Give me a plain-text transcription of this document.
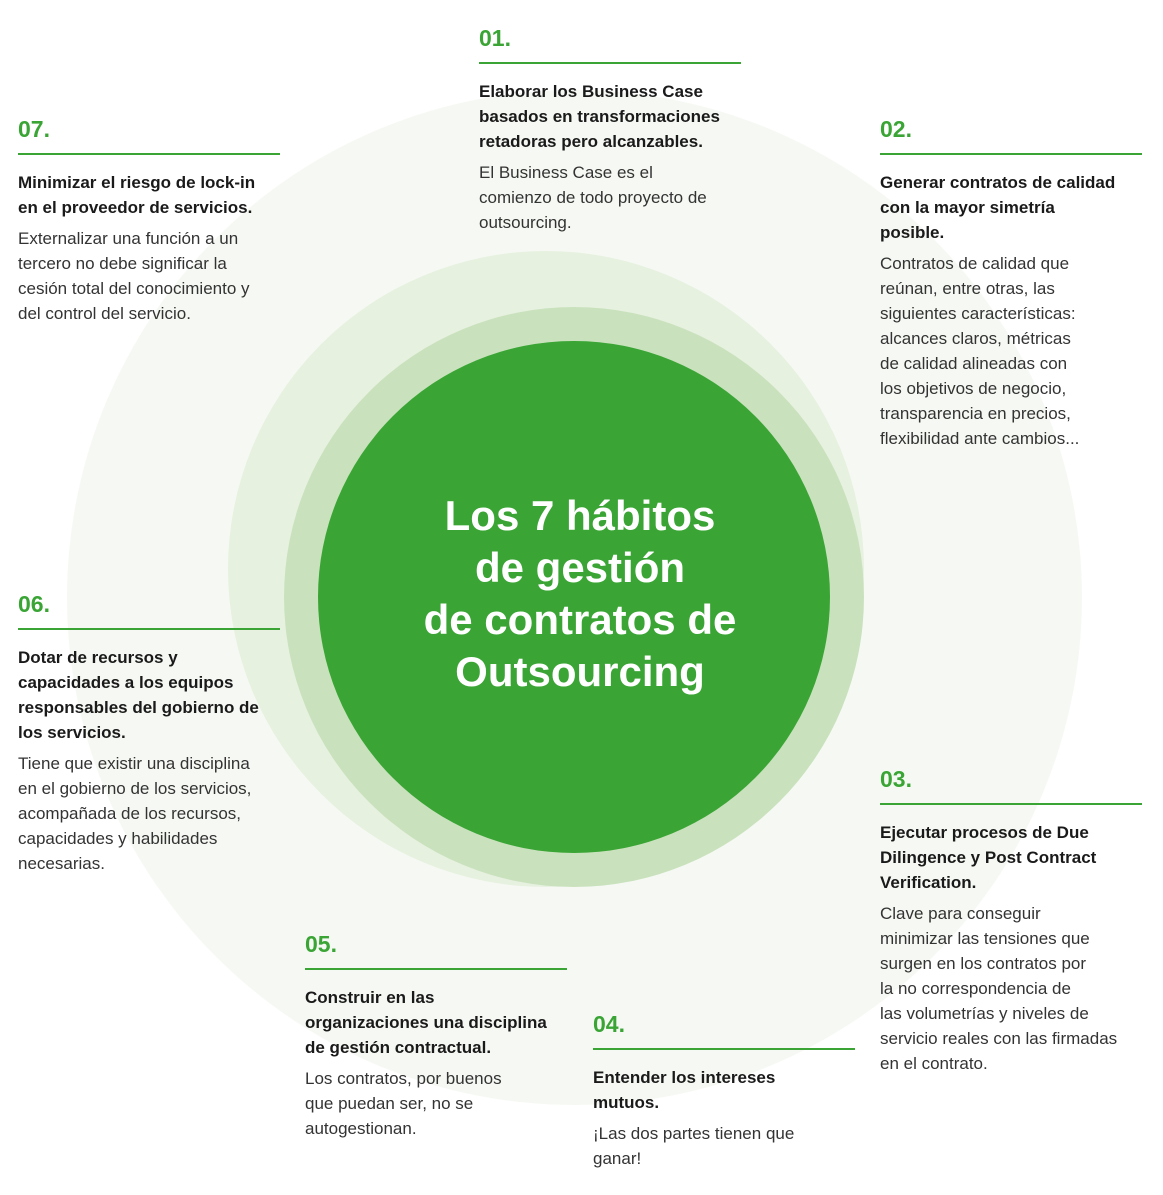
Los 7 hábitos
de gestión
de contratos de
Outsourcing

01.

Elaborar los Business Case
basados en transformaciones
retadoras pero alcanzables.

El Business Case es el
comienzo de todo proyecto de
outsourcing.

02.

Generar contratos de calidad
con la mayor simetría
posible.

Contratos de calidad que
reúnan, entre otras, las
siguientes características:
alcances claros, métricas
de calidad alineadas con
los objetivos de negocio,
transparencia en precios,
flexibilidad ante cambios...

03.

Ejecutar procesos de Due
Dilingence y Post Contract
Verification.

Clave para conseguir
minimizar las tensiones que
surgen en los contratos por
la no correspondencia de
las volumetrías y niveles de
servicio reales con las firmadas
en el contrato.

04.

Entender los intereses
mutuos.

¡Las dos partes tienen que
ganar!

05.

Construir en las
organizaciones una disciplina
de gestión contractual.

Los contratos, por buenos
que puedan ser, no se
autogestionan.

06.

Dotar de recursos y
capacidades a los equipos
responsables del gobierno de
los servicios.

Tiene que existir una disciplina
en el gobierno de los servicios,
acompañada de los recursos,
capacidades y habilidades
necesarias.

07.

Minimizar el riesgo de lock-in
en el proveedor de servicios.

Externalizar una función a un
tercero no debe significar la
cesión total del conocimiento y
del control del servicio.
